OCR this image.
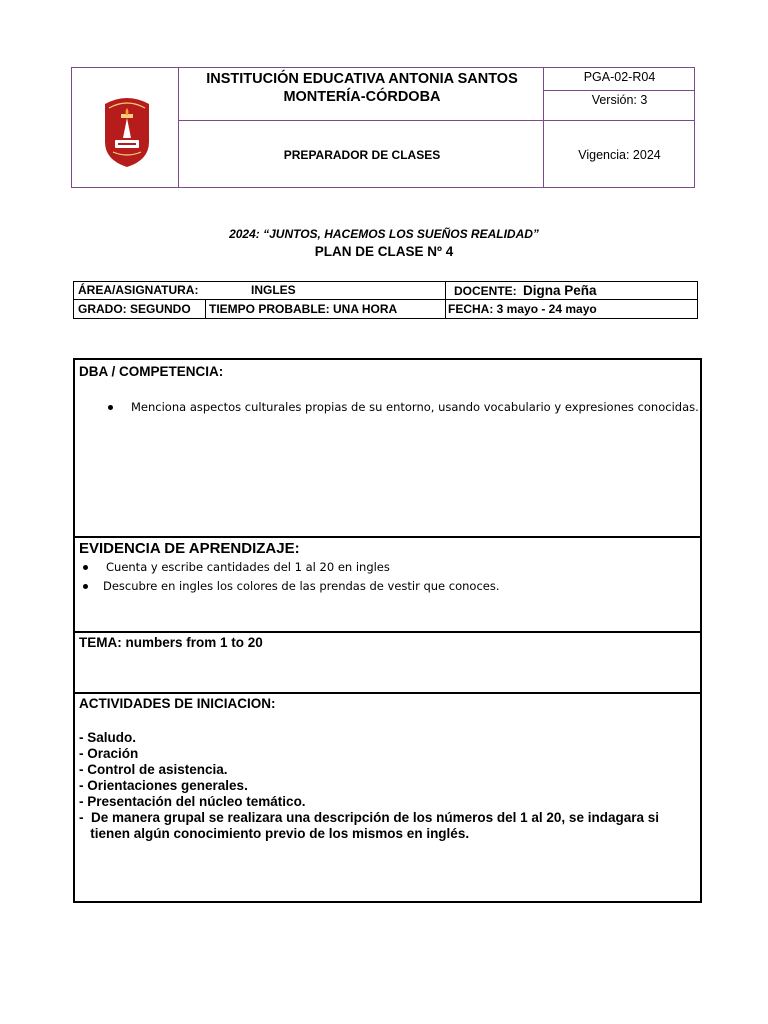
INSTITUCIÓN EDUCATIVA ANTONIA SANTOS
MONTERÍA-CÓRDOBA
PGA-02-R04
Versión: 3
PREPARADOR DE CLASES	Vigencia: 2024
2024: “JUNTOS, HACEMOS LOS SUEÑOS REALIDAD”
PLAN DE CLASE Nº 4
ÁREA/ASIGNATURA:	INGLES	DOCENTE: Digna Peña
GRADO: SEGUNDO TIEMPO PROBABLE: UNA HORA	FECHA: 3 mayo - 24 mayo
DBA / COMPETENCIA:
Menciona aspectos culturales propias de su entorno, usando vocabulario y expresiones conocidas.
EVIDENCIA DE APRENDIZAJE:
Cuenta y escribe cantidades del 1 al 20 en ingles
Descubre en ingles los colores de las prendas de vestir que conoces.
TEMA: numbers from 1 to 20
ACTIVIDADES DE INICIACION:
- Saludo.
- Oración
- Control de asistencia.
- Orientaciones generales.
- Presentación del núcleo temático.
-  De manera grupal se realizara una descripción de los números del 1 al 20, se indagara si
tienen algún conocimiento previo de los mismos en inglés.
